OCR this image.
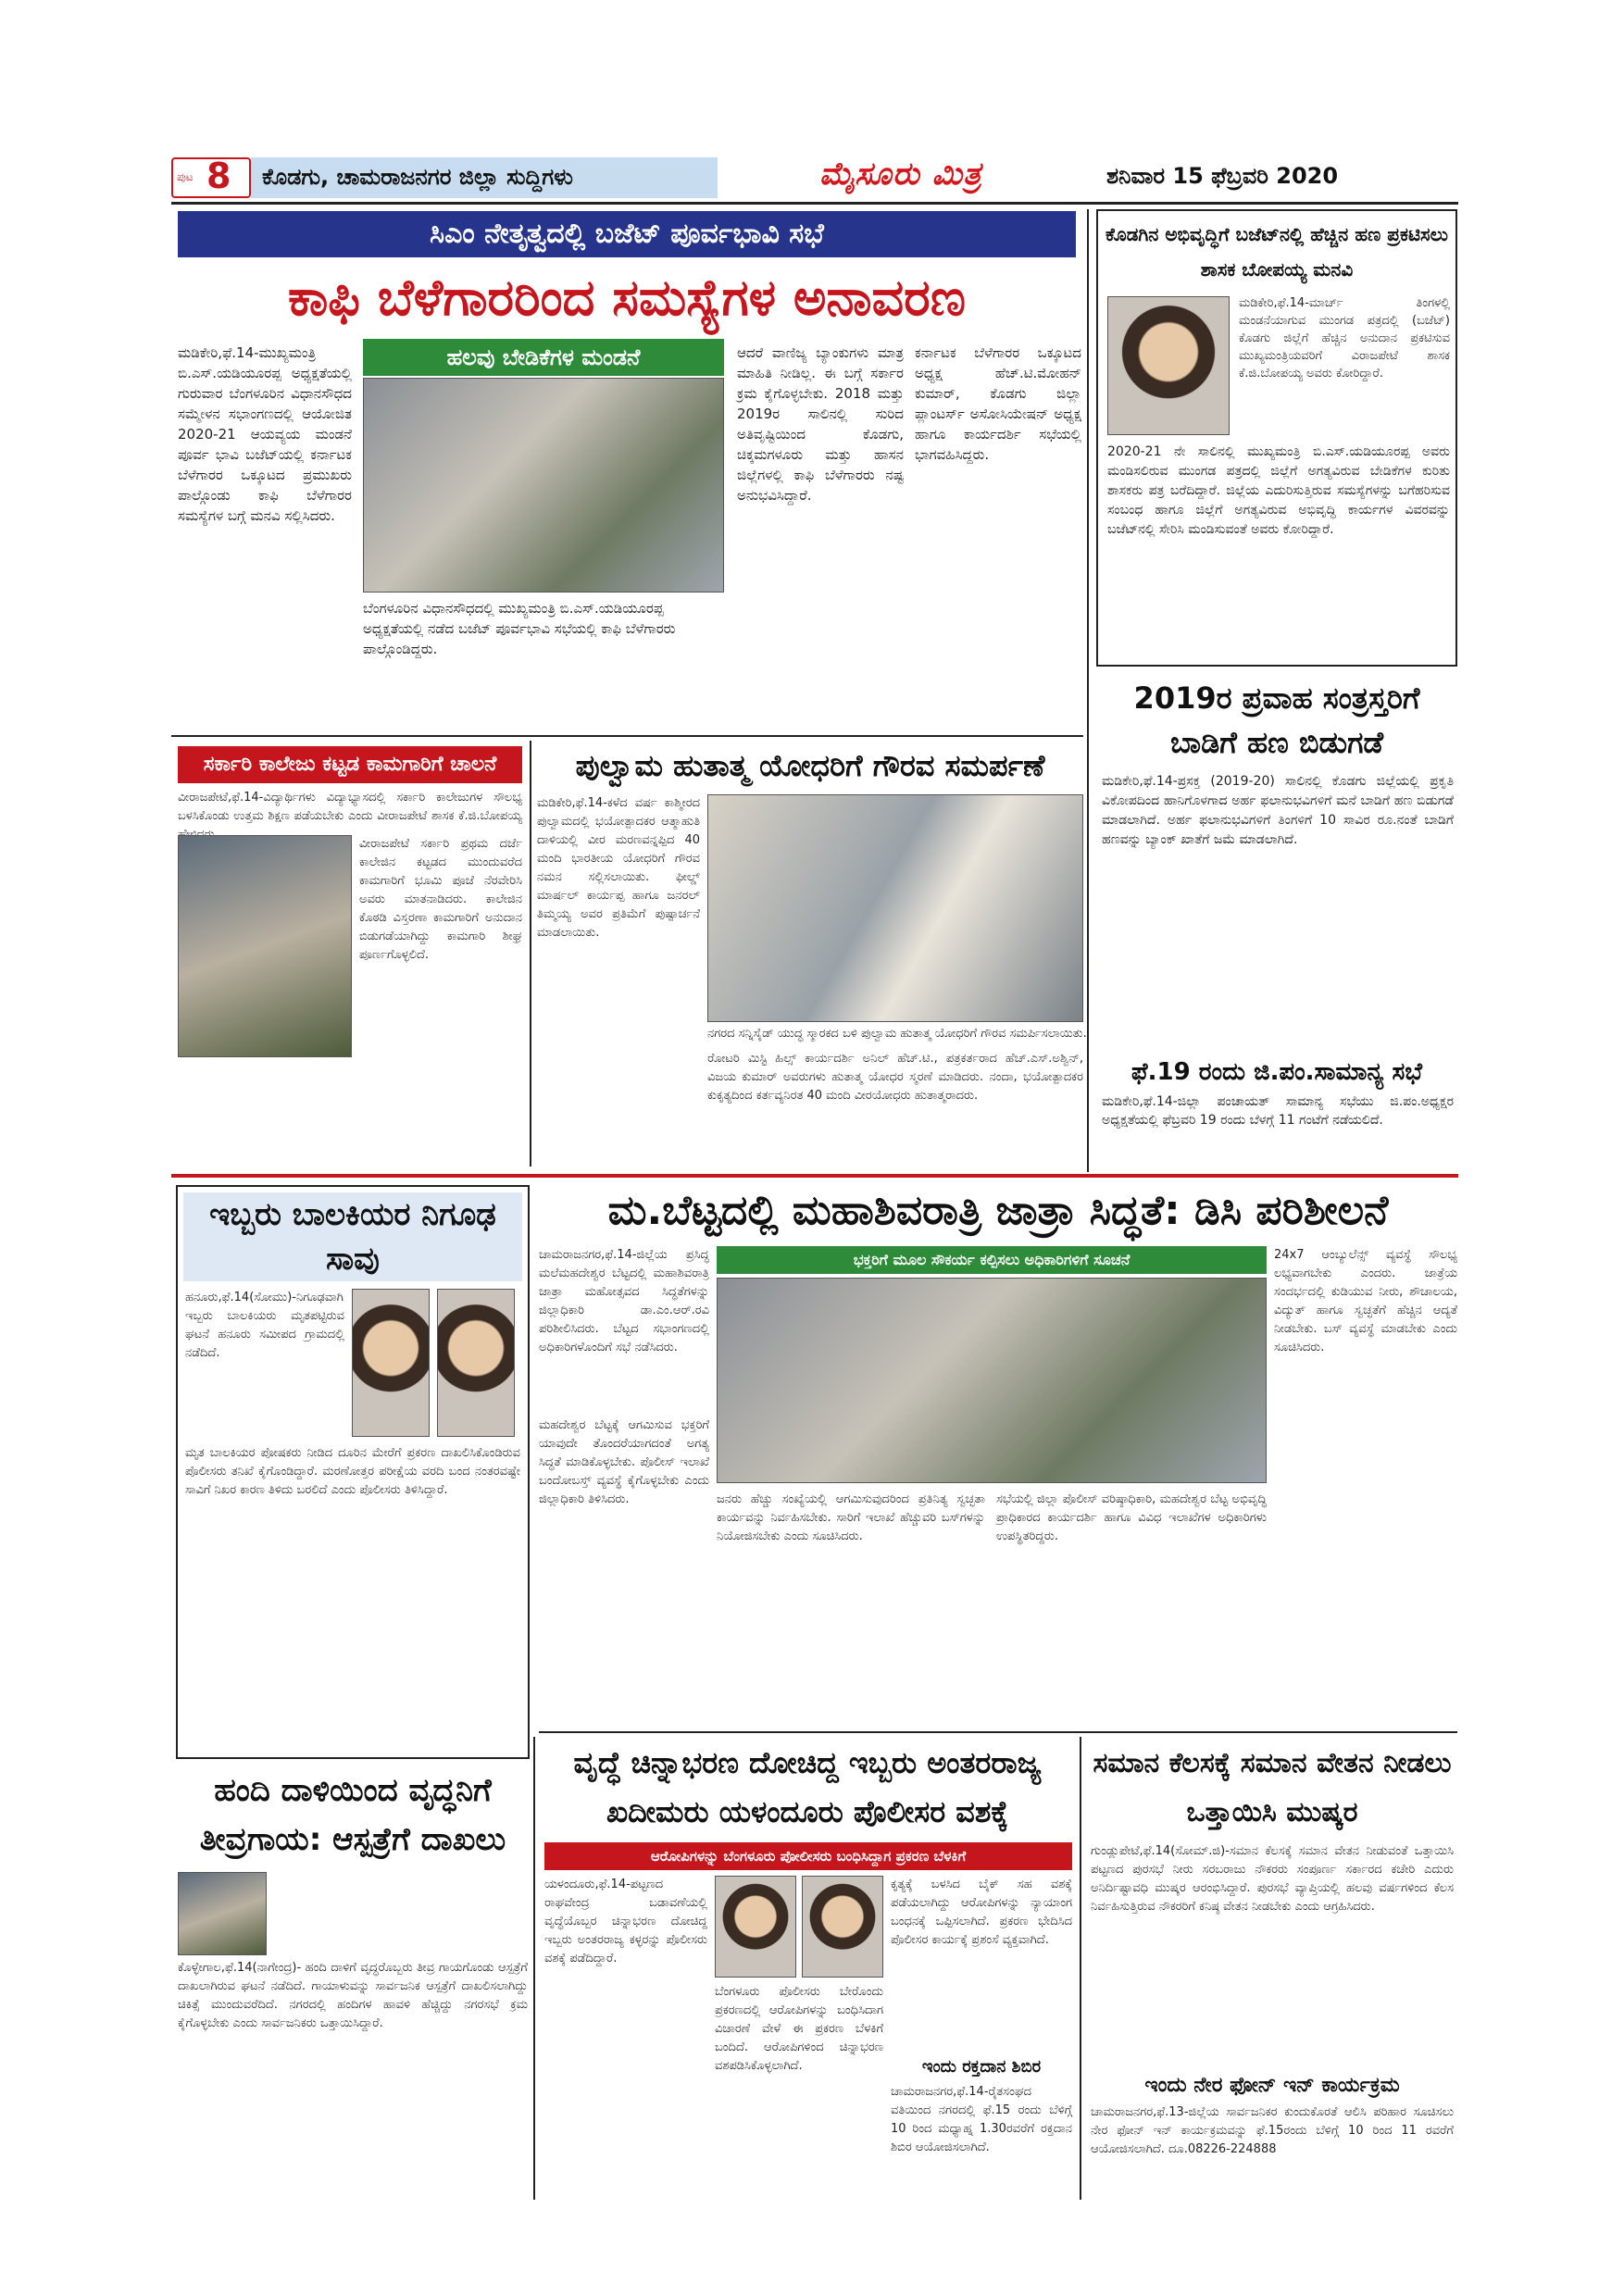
ಪುಟ 8 ಕೊಡಗು, ಚಾಮರಾಜನಗರ ಜಿಲ್ಲಾ ಸುದ್ದಿಗಳು	ಮೈಸೂರು ಮಿತ್ರ	ಶನಿವಾರ 15 ಫೆಬ್ರವರಿ 2020
ಸಿಎಂ ನೇತೃತ್ವದಲ್ಲಿ ಬಜೆಟ್ ಪೂರ್ವಭಾವಿ ಸಭೆ
ಕಾಫಿ ಬೆಳೆಗಾರರಿಂದ ಸಮಸ್ಯೆಗಳ ಅನಾವರಣ
ಮಡಿಕೇರಿ,ಫೆ.14-ಮುಖ್ಯಮಂತ್ರಿ ಬಿ.ಎಸ್.ಯಡಿಯೂರಪ್ಪ ಅಧ್ಯಕ್ಷತೆಯಲ್ಲಿ ಗುರುವಾರ ಬೆಂಗಳೂರಿನ ವಿಧಾನಸೌಧದ ಸಮ್ಮೇಳನ ಸಭಾಂಗಣದಲ್ಲಿ ಆಯೋಜಿತ 2020-21 ಆಯವ್ಯಯ ಮಂಡನೆ ಪೂರ್ವ ಭಾವಿ ಬಜೆಟ್‌ಯಲ್ಲಿ ಕರ್ನಾಟಕ ಬೆಳೆಗಾರರ ಒಕ್ಕೂಟದ ಪ್ರಮುಖರು ಪಾಲ್ಗೊಂಡು ಕಾಫಿ ಬೆಳೆಗಾರರ ಸಮಸ್ಯೆಗಳ ಬಗ್ಗೆ ಮನವಿ ಸಲ್ಲಿಸಿದರು.
ಹಲವು ಬೇಡಿಕೆಗಳ ಮಂಡನೆ
ಬೆಂಗಳೂರಿನ ವಿಧಾನಸೌಧದಲ್ಲಿ ಮುಖ್ಯಮಂತ್ರಿ ಬಿ.ಎಸ್.ಯಡಿಯೂರಪ್ಪ ಅಧ್ಯಕ್ಷತೆಯಲ್ಲಿ ನಡೆದ ಬಜೆಟ್ ಪೂರ್ವಭಾವಿ ಸಭೆಯಲ್ಲಿ ಕಾಫಿ ಬೆಳೆಗಾರರು ಪಾಲ್ಗೊಂಡಿದ್ದರು.
ಆದರೆ ವಾಣಿಜ್ಯ ಬ್ಯಾಂಕುಗಳು ಮಾತ್ರ ಮಾಹಿತಿ ನೀಡಿಲ್ಲ. ಈ ಬಗ್ಗೆ ಸರ್ಕಾರ ಕ್ರಮ ಕೈಗೊಳ್ಳಬೇಕು. 2018 ಮತ್ತು 2019ರ ಸಾಲಿನಲ್ಲಿ ಸುರಿದ ಅತಿವೃಷ್ಟಿಯಿಂದ ಕೊಡಗು, ಚಿಕ್ಕಮಗಳೂರು ಮತ್ತು ಹಾಸನ ಜಿಲ್ಲೆಗಳಲ್ಲಿ ಕಾಫಿ ಬೆಳೆಗಾರರು ನಷ್ಟ ಅನುಭವಿಸಿದ್ದಾರೆ.
ಕರ್ನಾಟಕ ಬೆಳೆಗಾರರ ಒಕ್ಕೂಟದ ಅಧ್ಯಕ್ಷ ಹೆಚ್.ಟಿ.ಮೋಹನ್ ಕುಮಾರ್, ಕೊಡಗು ಜಿಲ್ಲಾ ಪ್ಲಾಂಟರ್ಸ್ ಅಸೋಸಿಯೇಷನ್ ಅಧ್ಯಕ್ಷ ಹಾಗೂ ಕಾರ್ಯದರ್ಶಿ ಸಭೆಯಲ್ಲಿ ಭಾಗವಹಿಸಿದ್ದರು.
ಕೊಡಗಿನ ಅಭಿವೃದ್ಧಿಗೆ ಬಜೆಟ್‌ನಲ್ಲಿ ಹೆಚ್ಚಿನ ಹಣ ಪ್ರಕಟಿಸಲು ಶಾಸಕ ಬೋಪಯ್ಯ ಮನವಿ
ಮಡಿಕೇರಿ,ಫೆ.14-ಮಾರ್ಚ್ ತಿಂಗಳಲ್ಲಿ ಮಂಡನೆಯಾಗುವ ಮುಂಗಡ ಪತ್ರದಲ್ಲಿ (ಬಜೆಟ್) ಕೊಡಗು ಜಿಲ್ಲೆಗೆ ಹೆಚ್ಚಿನ ಅನುದಾನ ಪ್ರಕಟಿಸುವ ಮುಖ್ಯಮಂತ್ರಿಯವರಿಗೆ ವಿರಾಜಪೇಟೆ ಶಾಸಕ ಕೆ.ಜಿ.ಬೋಪಯ್ಯ ಅವರು ಕೋರಿದ್ದಾರೆ.
2020-21 ನೇ ಸಾಲಿನಲ್ಲಿ ಮುಖ್ಯಮಂತ್ರಿ ಬಿ.ಎಸ್.ಯಡಿಯೂರಪ್ಪ ಅವರು ಮಂಡಿಸಲಿರುವ ಮುಂಗಡ ಪತ್ರದಲ್ಲಿ ಜಿಲ್ಲೆಗೆ ಅಗತ್ಯವಿರುವ ಬೇಡಿಕೆಗಳ ಕುರಿತು ಶಾಸಕರು ಪತ್ರ ಬರೆದಿದ್ದಾರೆ. ಜಿಲ್ಲೆಯ ಎದುರಿಸುತ್ತಿರುವ ಸಮಸ್ಯೆಗಳನ್ನು ಬಗೆಹರಿಸುವ ಸಂಬಂಧ ಹಾಗೂ ಜಿಲ್ಲೆಗೆ ಅಗತ್ಯವಿರುವ ಅಭಿವೃದ್ಧಿ ಕಾರ್ಯಗಳ ವಿವರವನ್ನು ಬಜೆಟ್‌ನಲ್ಲಿ ಸೇರಿಸಿ ಮಂಡಿಸುವಂತೆ ಅವರು ಕೋರಿದ್ದಾರೆ.
2019ರ ಪ್ರವಾಹ ಸಂತ್ರಸ್ತರಿಗೆ ಬಾಡಿಗೆ ಹಣ ಬಿಡುಗಡೆ
ಮಡಿಕೇರಿ,ಫೆ.14-ಪ್ರಸಕ್ತ (2019-20) ಸಾಲಿನಲ್ಲಿ ಕೊಡಗು ಜಿಲ್ಲೆಯಲ್ಲಿ ಪ್ರಕೃತಿ ವಿಕೋಪದಿಂದ ಹಾನಿಗೊಳಗಾದ ಅರ್ಹ ಫಲಾನುಭವಿಗಳಿಗೆ ಮನೆ ಬಾಡಿಗೆ ಹಣ ಬಿಡುಗಡೆ ಮಾಡಲಾಗಿದೆ. ಅರ್ಹ ಫಲಾನುಭವಿಗಳಿಗೆ ತಿಂಗಳಿಗೆ 10 ಸಾವಿರ ರೂ.ನಂತೆ ಬಾಡಿಗೆ ಹಣವನ್ನು ಬ್ಯಾಂಕ್ ಖಾತೆಗೆ ಜಮೆ ಮಾಡಲಾಗಿದೆ.
ಫೆ.19 ರಂದು ಜಿ.ಪಂ.ಸಾಮಾನ್ಯ ಸಭೆ
ಮಡಿಕೇರಿ,ಫೆ.14-ಜಿಲ್ಲಾ ಪಂಚಾಯತ್ ಸಾಮಾನ್ಯ ಸಭೆಯು ಜಿ.ಪಂ.ಅಧ್ಯಕ್ಷರ ಅಧ್ಯಕ್ಷತೆಯಲ್ಲಿ ಫೆಬ್ರವರಿ 19 ರಂದು ಬೆಳಗ್ಗೆ 11 ಗಂಟೆಗೆ ನಡೆಯಲಿದೆ.
ಸರ್ಕಾರಿ ಕಾಲೇಜು ಕಟ್ಟಡ ಕಾಮಗಾರಿಗೆ ಚಾಲನೆ
ವೀರಾಜಪೇಟೆ,ಫೆ.14-ವಿದ್ಯಾರ್ಥಿಗಳು ವಿದ್ಯಾಭ್ಯಾಸದಲ್ಲಿ ಸರ್ಕಾರಿ ಕಾಲೇಜುಗಳ ಸೌಲಭ್ಯ ಬಳಸಿಕೊಂಡು ಉತ್ತಮ ಶಿಕ್ಷಣ ಪಡೆಯಬೇಕು ಎಂದು ವೀರಾಜಪೇಟೆ ಶಾಸಕ ಕೆ.ಜಿ.ಬೋಪಯ್ಯ
ವೀರಾಜಪೇಟೆ ಸರ್ಕಾರಿ ಪ್ರಥಮ ದರ್ಜೆ ಕಾಲೇಜಿನ ಕಟ್ಟಡದ ಮುಂದುವರೆದ ಕಾಮಗಾರಿಗೆ ಭೂಮಿ ಪೂಜೆ ನೆರವೇರಿಸಿ ಅವರು ಮಾತನಾಡಿದರು. ಕಾಲೇಜಿನ ಕೊಠಡಿ ವಿಸ್ತರಣಾ ಕಾಮಗಾರಿಗೆ ಅನುದಾನ ಬಿಡುಗಡೆಯಾಗಿದ್ದು ಕಾಮಗಾರಿ ಶೀಘ್ರ ಪೂರ್ಣಗೊಳ್ಳಲಿದೆ.
ಪುಲ್ವಾಮ ಹುತಾತ್ಮ ಯೋಧರಿಗೆ ಗೌರವ ಸಮರ್ಪಣೆ
ಮಡಿಕೇರಿ,ಫೆ.14-ಕಳೆದ ವರ್ಷ ಕಾಶ್ಮೀರದ ಪುಲ್ವಾಮದಲ್ಲಿ ಭಯೋತ್ಪಾದಕರ ಆತ್ಮಾಹುತಿ ದಾಳಿಯಲ್ಲಿ ವೀರ ಮರಣವನ್ನಪ್ಪಿದ 40 ಮಂದಿ ಭಾರತೀಯ ಯೋಧರಿಗೆ ಗೌರವ ನಮನ ಸಲ್ಲಿಸಲಾಯಿತು. ಫೀಲ್ಡ್ ಮಾರ್ಷಲ್ ಕಾರ್ಯಪ್ಪ ಹಾಗೂ ಜನರಲ್ ತಿಮ್ಮಯ್ಯ ಅವರ ಪ್ರತಿಮೆಗೆ ಪುಷ್ಪಾರ್ಚನೆ ಮಾಡಲಾಯಿತು.
ನಗರದ ಸನ್ನಿಸೈಡ್ ಯುದ್ಧ ಸ್ಮಾರಕದ ಬಳಿ ಪುಲ್ವಾಮ ಹುತಾತ್ಮ ಯೋಧರಿಗೆ ಗೌರವ ಸಮರ್ಪಿಸಲಾಯಿತು.
ರೋಟರಿ ಮಿಸ್ಟಿ ಹಿಲ್ಸ್ ಕಾರ್ಯದರ್ಶಿ ಅನಿಲ್ ಹೆಚ್.ಟಿ., ಪತ್ರಕರ್ತರಾದ ಹೆಚ್.ಎಸ್.ಅಶ್ವಿನ್, ವಿಜಯ ಕುಮಾರ್ ಅವರುಗಳು ಹುತಾತ್ಮ ಯೋಧರ ಸ್ಮರಣೆ ಮಾಡಿದರು. ನಂದಾ, ಭಯೋತ್ಪಾದಕರ ಕುಕೃತ್ಯದಿಂದ ಕರ್ತವ್ಯನಿರತ 40 ಮಂದಿ ವೀರಯೋಧರು ಹುತಾತ್ಮರಾದರು.
ಇಬ್ಬರು ಬಾಲಕಿಯರ ನಿಗೂಢ ಸಾವು
ಹನೂರು,ಫೆ.14(ಸೋಮು)-ನಿಗೂಢವಾಗಿ ಇಬ್ಬರು ಬಾಲಕಿಯರು ಮೃತಪಟ್ಟಿರುವ ಘಟನೆ ಹನೂರು ಸಮೀಪದ ಗ್ರಾಮದಲ್ಲಿ ನಡೆದಿದೆ.
ಮೃತ ಬಾಲಕಿಯರ ಪೋಷಕರು ನೀಡಿದ ದೂರಿನ ಮೇರೆಗೆ ಪ್ರಕರಣ ದಾಖಲಿಸಿಕೊಂಡಿರುವ ಪೊಲೀಸರು ತನಿಖೆ ಕೈಗೊಂಡಿದ್ದಾರೆ. ಮರಣೋತ್ತರ ಪರೀಕ್ಷೆಯ ವರದಿ ಬಂದ ನಂತರವಷ್ಟೇ ಸಾವಿಗೆ ನಿಖರ ಕಾರಣ ತಿಳಿದು ಬರಲಿದೆ ಎಂದು ಪೊಲೀಸರು ತಿಳಿಸಿದ್ದಾರೆ.
ಮ.ಬೆಟ್ಟದಲ್ಲಿ ಮಹಾಶಿವರಾತ್ರಿ ಜಾತ್ರಾ ಸಿದ್ಧತೆ: ಡಿಸಿ ಪರಿಶೀಲನೆ
ಚಾಮರಾಜನಗರ,ಫೆ.14-ಜಿಲ್ಲೆಯ ಪ್ರಸಿದ್ಧ ಮಲೆಮಹದೇಶ್ವರ ಬೆಟ್ಟದಲ್ಲಿ ಮಹಾಶಿವರಾತ್ರಿ ಜಾತ್ರಾ ಮಹೋತ್ಸವದ ಸಿದ್ಧತೆಗಳನ್ನು ಜಿಲ್ಲಾಧಿಕಾರಿ ಡಾ.ಎಂ.ಆರ್.ರವಿ ಪರಿಶೀಲಿಸಿದರು. ಬೆಟ್ಟದ ಸಭಾಂಗಣದಲ್ಲಿ ಅಧಿಕಾರಿಗಳೊಂದಿಗೆ ಸಭೆ ನಡೆಸಿದರು.
ಭಕ್ತರಿಗೆ ಮೂಲ ಸೌಕರ್ಯ ಕಲ್ಪಿಸಲು ಅಧಿಕಾರಿಗಳಿಗೆ ಸೂಚನೆ	24x7 ಆಂಬ್ಯುಲೆನ್ಸ್ ವ್ಯವಸ್ಥೆ ಸೌಲಭ್ಯ ಲಭ್ಯವಾಗಬೇಕು ಎಂದರು. ಜಾತ್ರೆಯ ಸಂದರ್ಭದಲ್ಲಿ ಕುಡಿಯುವ ನೀರು, ಶೌಚಾಲಯ, ವಿದ್ಯುತ್ ಹಾಗೂ ಸ್ವಚ್ಛತೆಗೆ ಹೆಚ್ಚಿನ ಆದ್ಯತೆ ನೀಡಬೇಕು. ಬಸ್ ವ್ಯವಸ್ಥೆ ಮಾಡಬೇಕು ಎಂದು ಸೂಚಿಸಿದರು.
ಮಹದೇಶ್ವರ ಬೆಟ್ಟಕ್ಕೆ ಆಗಮಿಸುವ ಭಕ್ತರಿಗೆ ಯಾವುದೇ ತೊಂದರೆಯಾಗದಂತೆ ಅಗತ್ಯ ಸಿದ್ಧತೆ ಮಾಡಿಕೊಳ್ಳಬೇಕು. ಪೊಲೀಸ್ ಇಲಾಖೆ ಬಂದೋಬಸ್ತ್ ವ್ಯವಸ್ಥೆ ಕೈಗೊಳ್ಳಬೇಕು ಎಂದು ಜಿಲ್ಲಾಧಿಕಾರಿ ತಿಳಿಸಿದರು.	ಜನರು ಹೆಚ್ಚು ಸಂಖ್ಯೆಯಲ್ಲಿ ಆಗಮಿಸುವುದರಿಂದ ಪ್ರತಿನಿತ್ಯ ಸ್ವಚ್ಛತಾ ಕಾರ್ಯವನ್ನು ನಿರ್ವಹಿಸಬೇಕು. ಸಾರಿಗೆ ಇಲಾಖೆ ಹೆಚ್ಚುವರಿ ಬಸ್‌ಗಳನ್ನು ನಿಯೋಜಿಸಬೇಕು ಎಂದು ಸೂಚಿಸಿದರು.
ಸಭೆಯಲ್ಲಿ ಜಿಲ್ಲಾ ಪೊಲೀಸ್ ವರಿಷ್ಠಾಧಿಕಾರಿ, ಮಹದೇಶ್ವರ ಬೆಟ್ಟ ಅಭಿವೃದ್ಧಿ ಪ್ರಾಧಿಕಾರದ ಕಾರ್ಯದರ್ಶಿ ಹಾಗೂ ವಿವಿಧ ಇಲಾಖೆಗಳ ಅಧಿಕಾರಿಗಳು ಉಪಸ್ಥಿತರಿದ್ದರು.
ಹಂದಿ ದಾಳಿಯಿಂದ ವೃದ್ಧನಿಗೆ ತೀವ್ರಗಾಯ: ಆಸ್ಪತ್ರೆಗೆ ದಾಖಲು
ಕೊಳ್ಳೇಗಾಲ,ಫೆ.14(ನಾಗೇಂದ್ರ)- ಹಂದಿ ದಾಳಿಗೆ ವೃದ್ಧರೊಬ್ಬರು ತೀವ್ರ ಗಾಯಗೊಂಡು ಆಸ್ಪತ್ರೆಗೆ ದಾಖಲಾಗಿರುವ ಘಟನೆ ನಡೆದಿದೆ. ಗಾಯಾಳುವನ್ನು ಸಾರ್ವಜನಿಕ ಆಸ್ಪತ್ರೆಗೆ ದಾಖಲಿಸಲಾಗಿದ್ದು ಚಿಕಿತ್ಸೆ ಮುಂದುವರೆದಿದೆ. ನಗರದಲ್ಲಿ ಹಂದಿಗಳ ಹಾವಳಿ ಹೆಚ್ಚಿದ್ದು ನಗರಸಭೆ ಕ್ರಮ ಕೈಗೊಳ್ಳಬೇಕು ಎಂದು ಸಾರ್ವಜನಿಕರು ಒತ್ತಾಯಿಸಿದ್ದಾರೆ.
ವೃದ್ಧೆ ಚಿನ್ನಾಭರಣ ದೋಚಿದ್ದ ಇಬ್ಬರು ಅಂತರರಾಜ್ಯ ಖದೀಮರು ಯಳಂದೂರು ಪೊಲೀಸರ ವಶಕ್ಕೆ
ಆರೋಪಿಗಳನ್ನು ಬೆಂಗಳೂರು ಪೋಲೀಸರು ಬಂಧಿಸಿದ್ದಾಗ ಪ್ರಕರಣ ಬೆಳಕಿಗೆ
ಯಳಂದೂರು,ಫೆ.14-ಪಟ್ಟಣದ ರಾಘವೇಂದ್ರ ಬಡಾವಣೆಯಲ್ಲಿ ವೃದ್ಧೆಯೊಬ್ಬರ ಚಿನ್ನಾಭರಣ ದೋಚಿದ್ದ ಇಬ್ಬರು ಅಂತರರಾಜ್ಯ ಕಳ್ಳರನ್ನು ಪೊಲೀಸರು ವಶಕ್ಕೆ ಪಡೆದಿದ್ದಾರೆ.
ಬೆಂಗಳೂರು ಪೊಲೀಸರು ಬೇರೊಂದು ಪ್ರಕರಣದಲ್ಲಿ ಆರೋಪಿಗಳನ್ನು ಬಂಧಿಸಿದಾಗ ವಿಚಾರಣೆ ವೇಳೆ ಈ ಪ್ರಕರಣ ಬೆಳಕಿಗೆ ಬಂದಿದೆ. ಆರೋಪಿಗಳಿಂದ ಚಿನ್ನಾಭರಣ ವಶಪಡಿಸಿಕೊಳ್ಳಲಾಗಿದೆ.
ಕೃತ್ಯಕ್ಕೆ ಬಳಸಿದ ಬೈಕ್ ಸಹ ವಶಕ್ಕೆ ಪಡೆಯಲಾಗಿದ್ದು ಆರೋಪಿಗಳನ್ನು ನ್ಯಾಯಾಂಗ ಬಂಧನಕ್ಕೆ ಒಪ್ಪಿಸಲಾಗಿದೆ. ಪ್ರಕರಣ ಭೇದಿಸಿದ ಪೊಲೀಸರ ಕಾರ್ಯಕ್ಕೆ ಪ್ರಶಂಸೆ ವ್ಯಕ್ತವಾಗಿದೆ.
ಇಂದು ರಕ್ತದಾನ ಶಿಬಿರ
ಚಾಮರಾಜನಗರ,ಫೆ.14-ರೈತಸಂಘದ ವತಿಯಿಂದ ನಗರದಲ್ಲಿ ಫೆ.15 ರಂದು ಬೆಳಿಗ್ಗೆ 10 ರಿಂದ ಮಧ್ಯಾಹ್ನ 1.30ರವರೆಗೆ ರಕ್ತದಾನ ಶಿಬಿರ ಆಯೋಜಿಸಲಾಗಿದೆ.
ಸಮಾನ ಕೆಲಸಕ್ಕೆ ಸಮಾನ ವೇತನ ನೀಡಲು ಒತ್ತಾಯಿಸಿ ಮುಷ್ಕರ
ಗುಂಡ್ಲುಪೇಟೆ,ಫೆ.14(ಸೋಮ್.ಜಿ)-ಸಮಾನ ಕೆಲಸಕ್ಕೆ ಸಮಾನ ವೇತನ ನೀಡುವಂತೆ ಒತ್ತಾಯಿಸಿ ಪಟ್ಟಣದ ಪುರಸಭೆ ನೀರು ಸರಬರಾಜು ನೌಕರರು ಸಂಪೂರ್ಣ ಸರ್ಕಾರದ ಕಚೇರಿ ಎದುರು ಅನಿರ್ದಿಷ್ಟಾವಧಿ ಮುಷ್ಕರ ಆರಂಭಿಸಿದ್ದಾರೆ. ಪುರಸಭೆ ವ್ಯಾಪ್ತಿಯಲ್ಲಿ ಹಲವು ವರ್ಷಗಳಿಂದ ಕೆಲಸ ನಿರ್ವಹಿಸುತ್ತಿರುವ ನೌಕರರಿಗೆ ಕನಿಷ್ಠ ವೇತನ ನೀಡಬೇಕು ಎಂದು ಆಗ್ರಹಿಸಿದರು.
ಇಂದು ನೇರ ಫೋನ್ ಇನ್ ಕಾರ್ಯಕ್ರಮ
ಚಾಮರಾಜನಗರ,ಫೆ.13-ಜಿಲ್ಲೆಯ ಸಾರ್ವಜನಿಕರ ಕುಂದುಕೊರತೆ ಆಲಿಸಿ ಪರಿಹಾರ ಸೂಚಿಸಲು ನೇರ ಫೋನ್ ಇನ್ ಕಾರ್ಯಕ್ರಮವನ್ನು ಫೆ.15ರಂದು ಬೆಳಿಗ್ಗೆ 10 ರಿಂದ 11 ರವರೆಗೆ ಆಯೋಜಿಸಲಾಗಿದೆ. ದೂ.08226-224888
